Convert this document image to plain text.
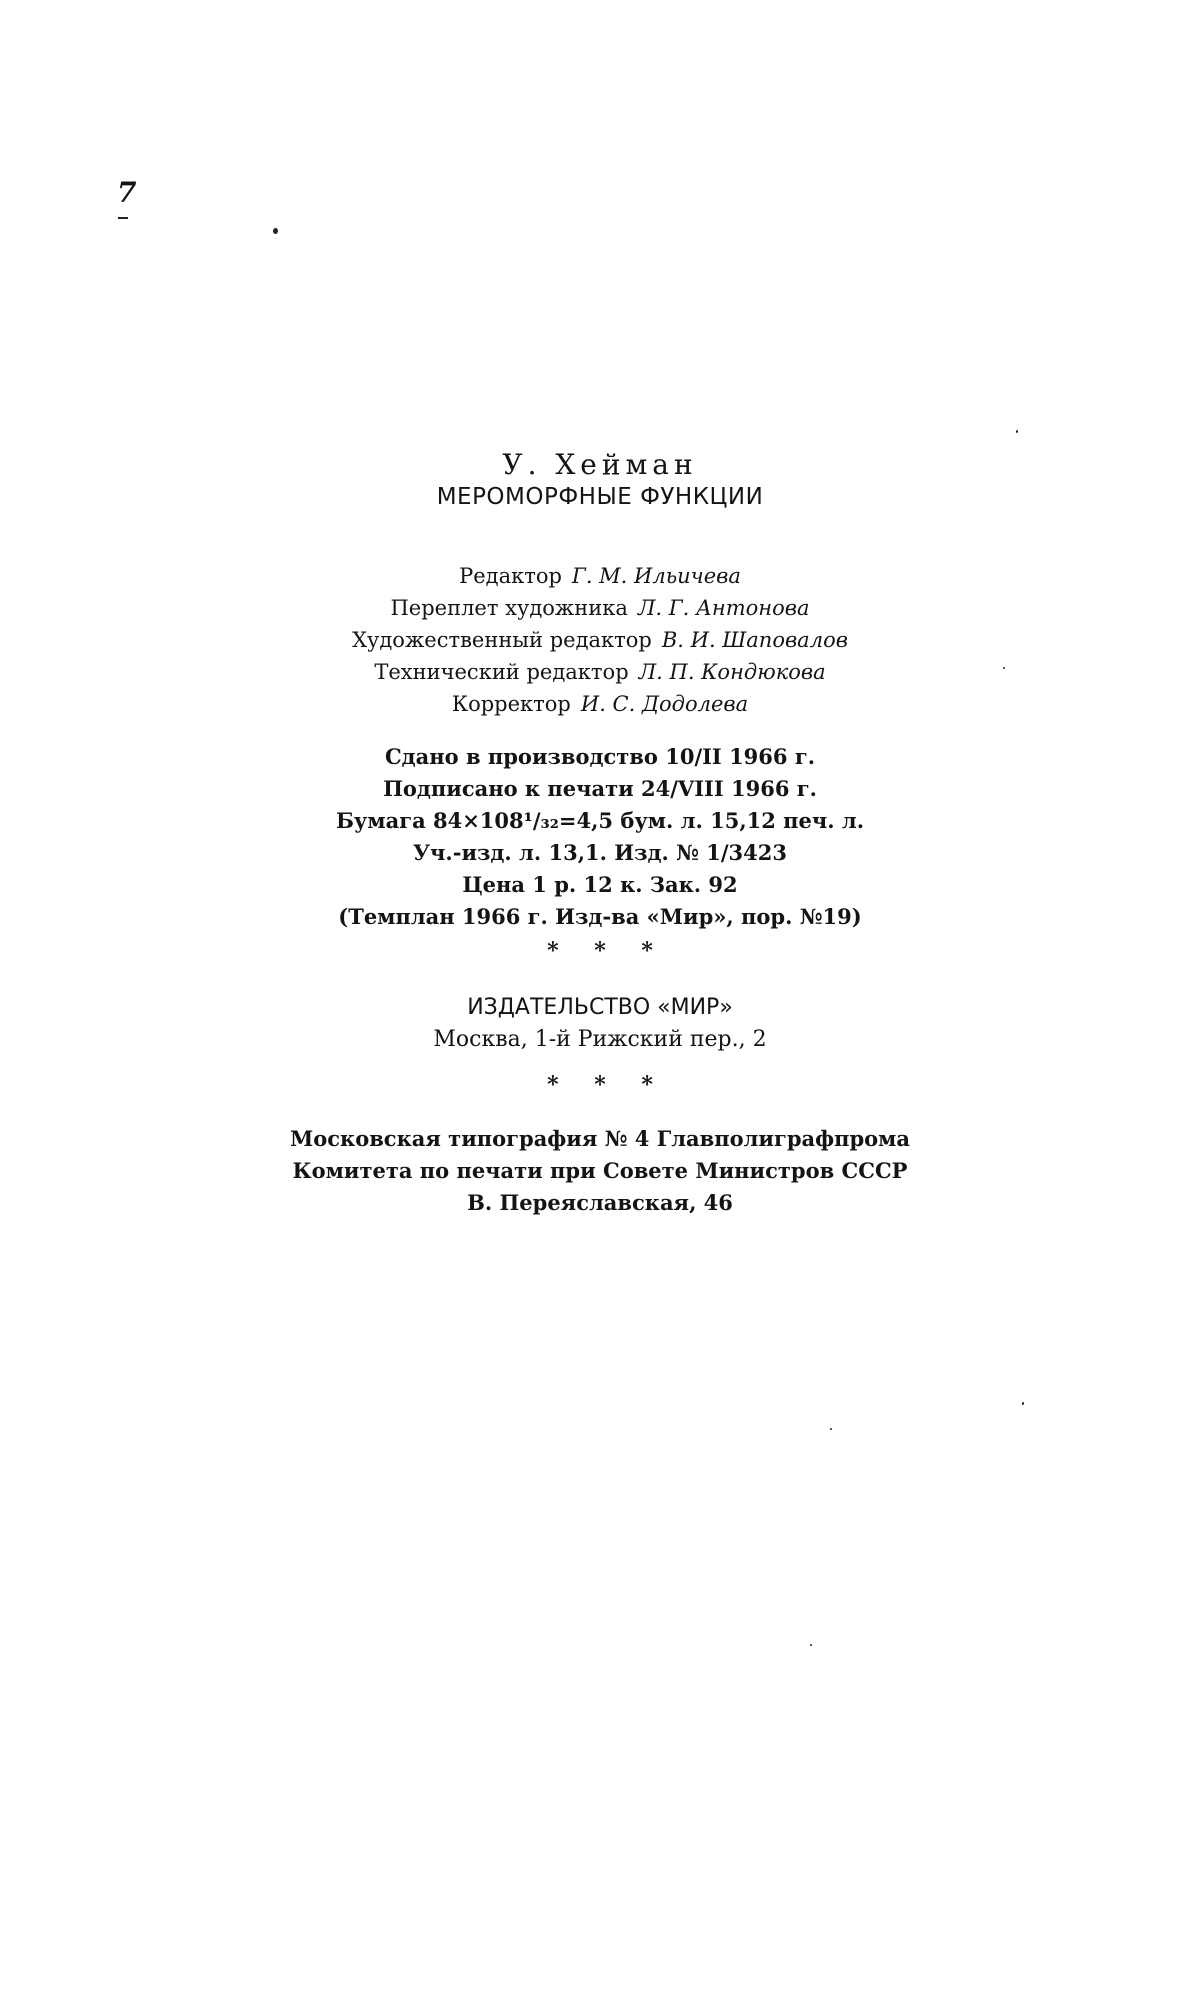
7
У. Хейман
МЕРОМОРФНЫЕ ФУНКЦИИ
Редактор Г. М. Ильичева
Переплет художника Л. Г. Антонова
Художественный редактор В. И. Шаповалов
Технический редактор Л. П. Кондюкова
Корректор И. С. Додолева
Сдано в производство 10/II 1966 г.
Подписано к печати 24/VIII 1966 г.
Бумага 84×108¹/₃₂=4,5 бум. л. 15,12 печ. л.
Уч.-изд. л. 13,1. Изд. № 1/3423
Цена 1 р. 12 к. Зак. 92
(Темплан 1966 г. Изд-ва «Мир», пор. №19)
* * *
ИЗДАТЕЛЬСТВО «МИР»
Москва, 1-й Рижский пер., 2
* * *
Московская типография № 4 Главполиграфпрома
Комитета по печати при Совете Министров СССР
В. Переяславская, 46
